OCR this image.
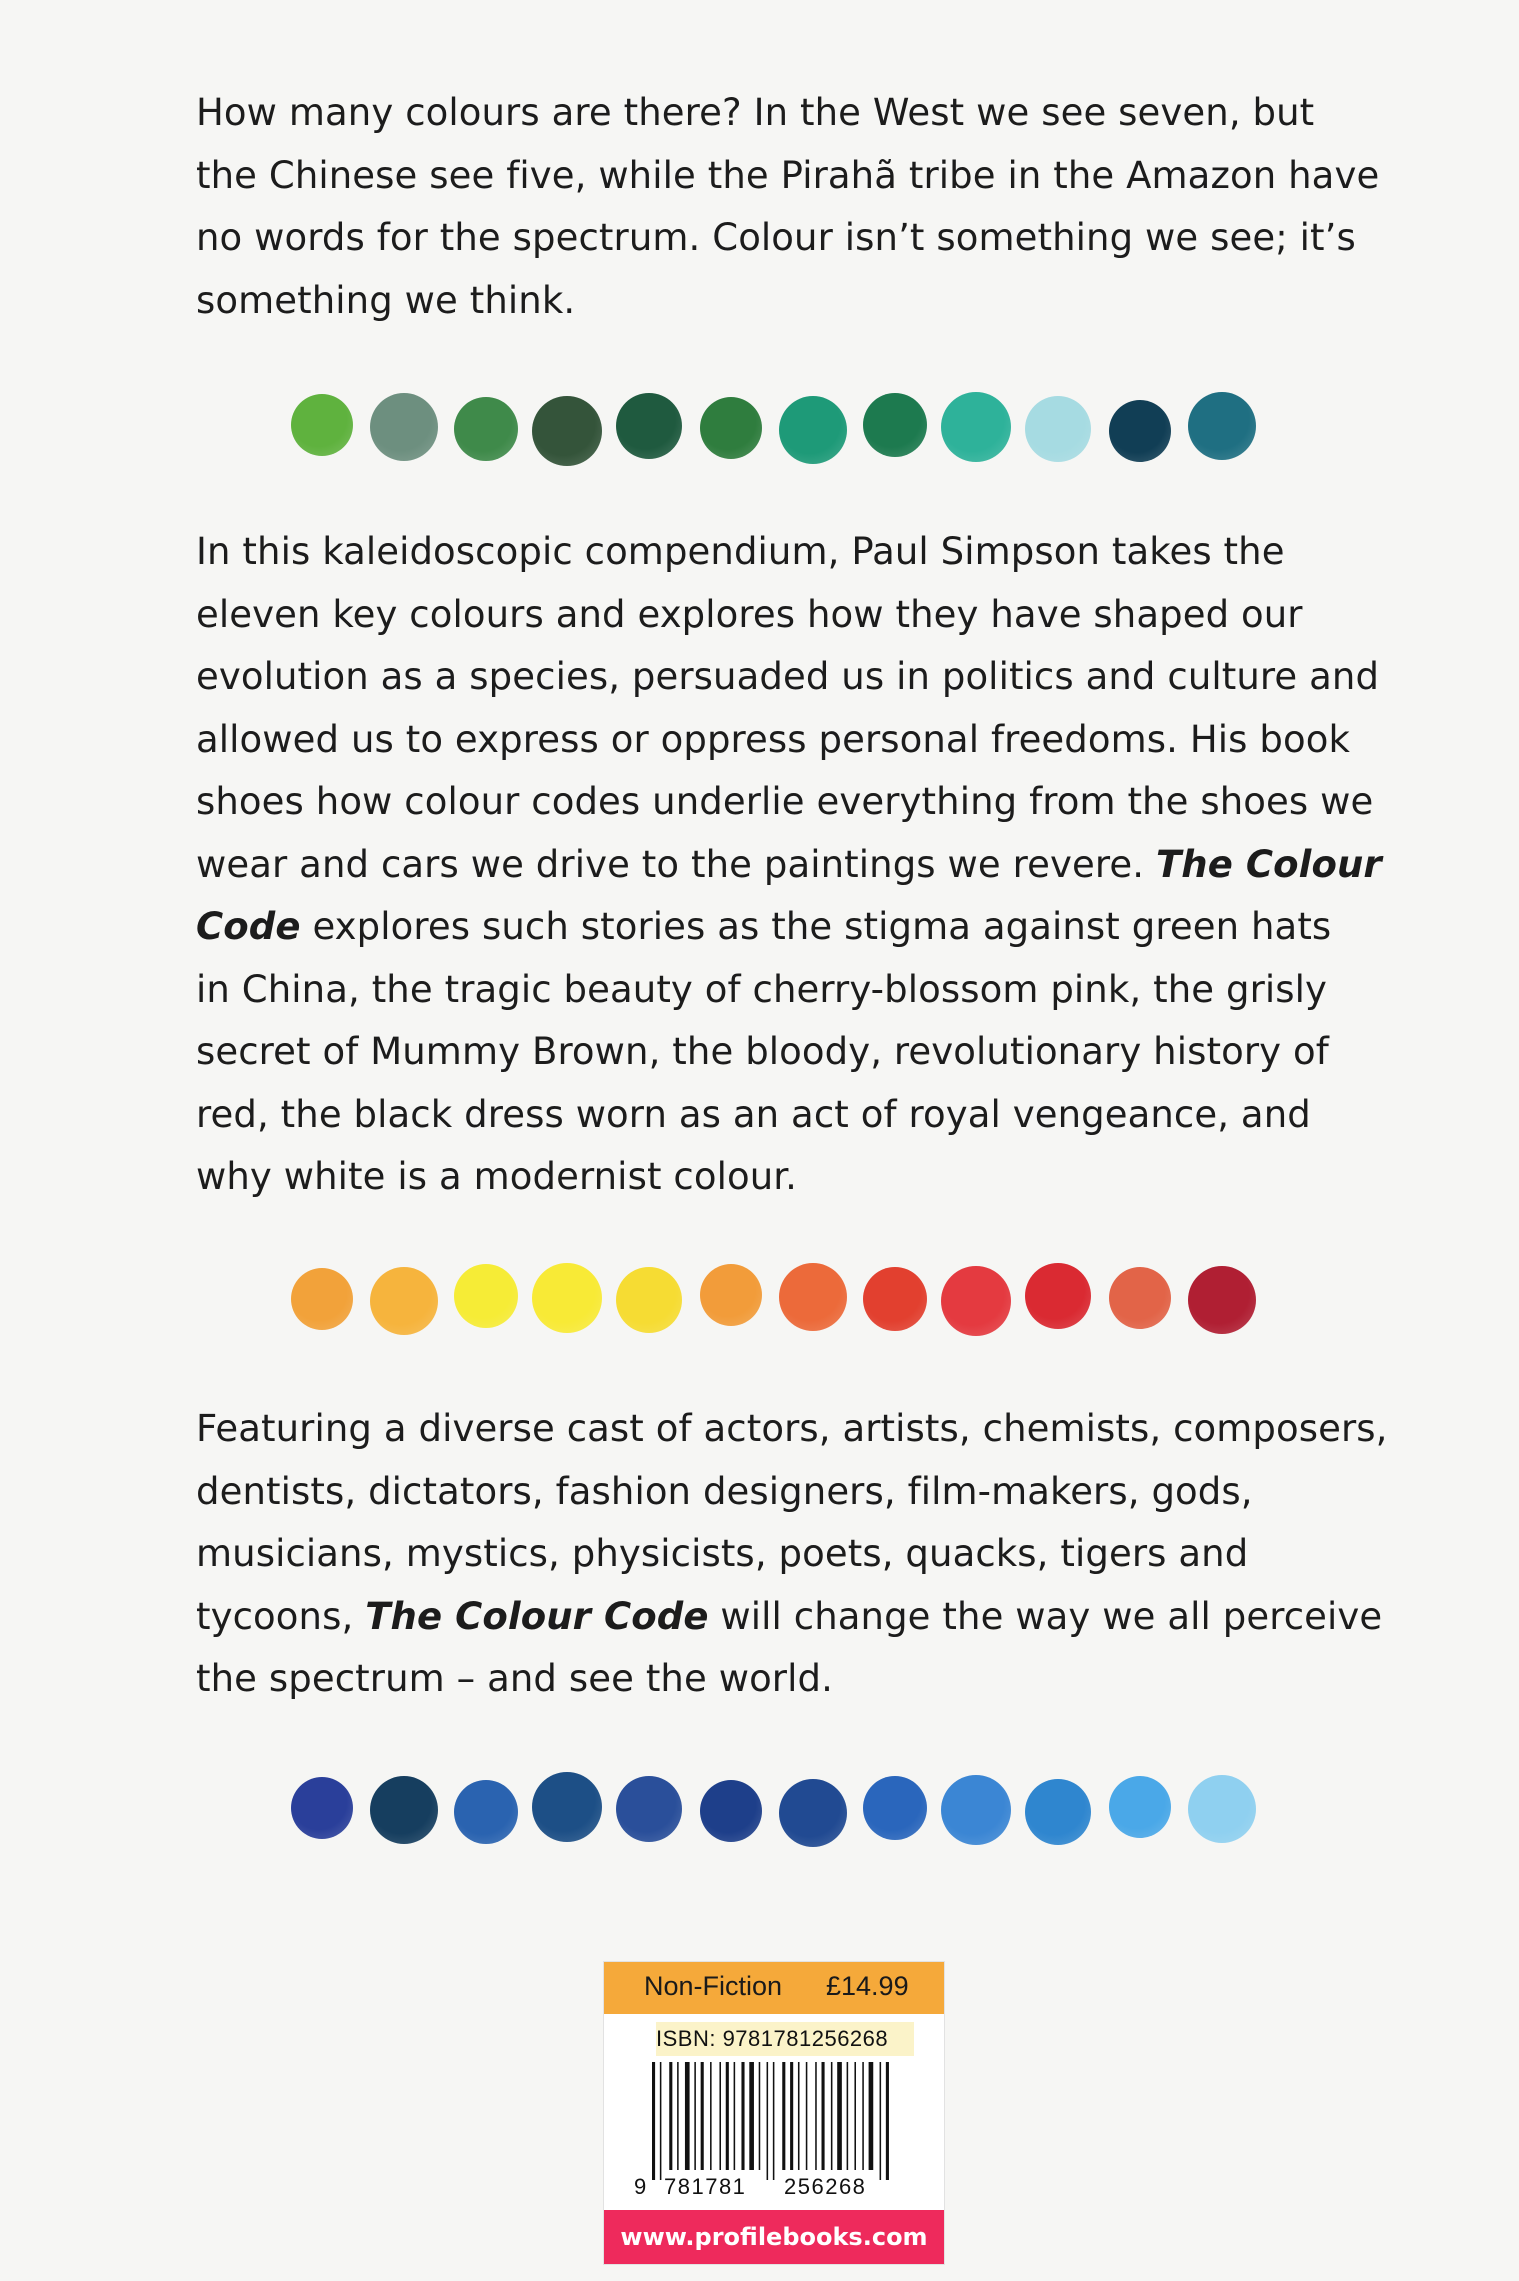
How many colours are there? In the West we see seven, but
the Chinese see five, while the Pirahã tribe in the Amazon have
no words for the spectrum. Colour isn’t something we see; it’s
something we think.

In this kaleidoscopic compendium, Paul Simpson takes the
eleven key colours and explores how they have shaped our
evolution as a species, persuaded us in politics and culture and
allowed us to express or oppress personal freedoms. His book
shoes how colour codes underlie everything from the shoes we
wear and cars we drive to the paintings we revere. The Colour
Code explores such stories as the stigma against green hats
in China, the tragic beauty of cherry-blossom pink, the grisly
secret of Mummy Brown, the bloody, revolutionary history of
red, the black dress worn as an act of royal vengeance, and
why white is a modernist colour.

Featuring a diverse cast of actors, artists, chemists, composers,
dentists, dictators, fashion designers, film-makers, gods,
musicians, mystics, physicists, poets, quacks, tigers and
tycoons, The Colour Code will change the way we all perceive
the spectrum – and see the world.

Non-Fiction £14.99
ISBN: 9781781256268
9 781781 256268
www.profilebooks.com
